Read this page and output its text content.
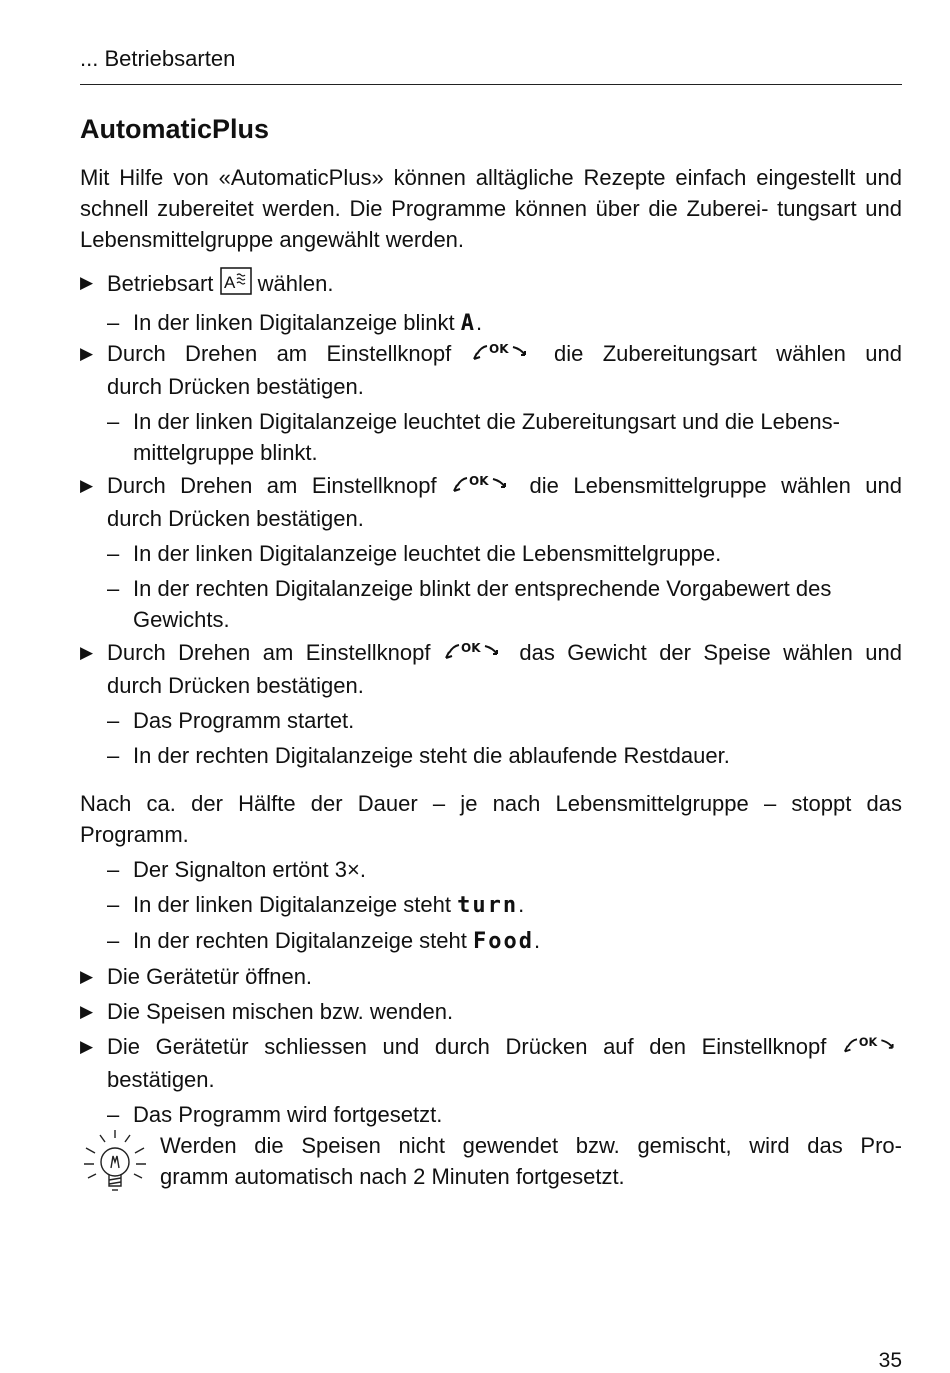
... Betriebsarten
AutomaticPlus

Mit Hilfe von «AutomaticPlus» können alltägliche Rezepte einfach eingestellt und schnell zubereitet werden. Die Programme können über die Zuberei- tungsart und Lebensmittelgruppe angewählt werden.

▶ Betriebsart A wählen.
– In der linken Digitalanzeige blinkt A.
▶ Durch Drehen am Einstellknopf	OK die Zubereitungsart wählen und
durch Drücken bestätigen.
– In der linken Digitalanzeige leuchtet die Zubereitungsart und die Lebens-
mittelgruppe blinkt.
▶ Durch Drehen am Einstellknopf	OK die Lebensmittelgruppe wählen und
durch Drücken bestätigen.
– In der linken Digitalanzeige leuchtet die Lebensmittelgruppe.
– In der rechten Digitalanzeige blinkt der entsprechende Vorgabewert des
Gewichts.
▶ Durch Drehen am Einstellknopf	OK das Gewicht der Speise wählen und
durch Drücken bestätigen.
– Das Programm startet.
– In der rechten Digitalanzeige steht die ablaufende Restdauer.
Nach ca. der Hälfte der Dauer – je nach Lebensmittelgruppe – stoppt das
Programm.
– Der Signalton ertönt 3×.
– In der linken Digitalanzeige steht turn.
– In der rechten Digitalanzeige steht Food.
▶ Die Gerätetür öffnen.
▶ Die Speisen mischen bzw. wenden.
▶ Die Gerätetür schliessen und durch Drücken auf den Einstellknopf	OK
bestätigen.
– Das Programm wird fortgesetzt.
Werden die Speisen nicht gewendet bzw. gemischt, wird das Pro-
gramm automatisch nach 2 Minuten fortgesetzt.
35
